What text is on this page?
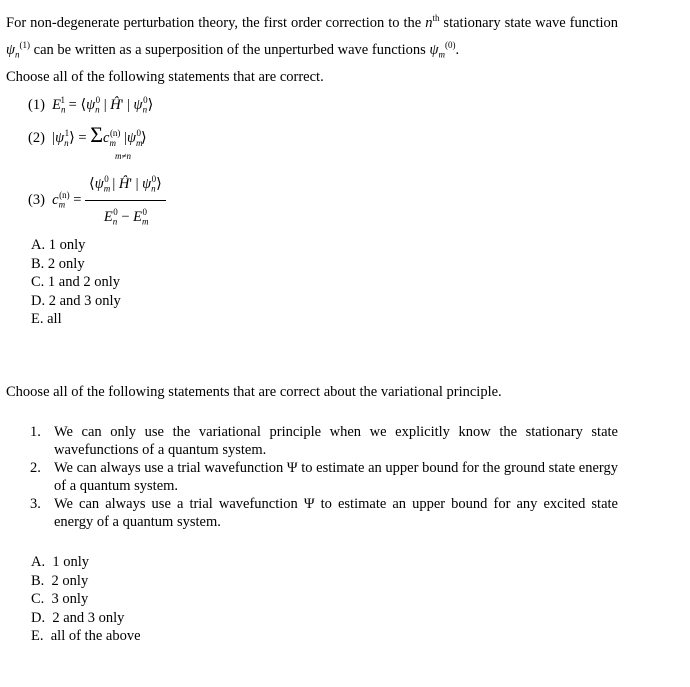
For non-degenerate perturbation theory, the first order correction to the $n^{th}$ stationary state wave function $\psi_n^{(1)}$ can be written as a superposition of the unperturbed wave functions $\psi_m^{(0)}$.

Choose all of the following statements that are correct.

(1) $E_n^1$ = $⟨\psi_n^0$ | Ĥ' | $\psi_n^0⟩$
(2)  $|\psi_n^1⟩ = \Sigma c_m^{(n)}$ $|\psi_m^0⟩$
m≠n
(3) $c_m^{(n)} = \frac{⟨\psi_m^0 | Ĥ' | \psi_n^0⟩}{E_n^0 - E_m^0}$
A. 1 only
B. 2 only
C. 1 and 2 only
D. 2 and 3 only
E. all
Choose all of the following statements that are correct about the variational principle.
1. We can only use the variational principle when we explicitly know the stationary state wavefunctions of a quantum system.
2. We can always use a trial wavefunction Ψ to estimate an upper bound for the ground state energy of a quantum system.
3. We can always use a trial wavefunction Ψ to estimate an upper bound for any excited state energy of a quantum system.
A.  1 only
B.  2 only
C.  3 only
D.  2 and 3 only
E.  all of the above
